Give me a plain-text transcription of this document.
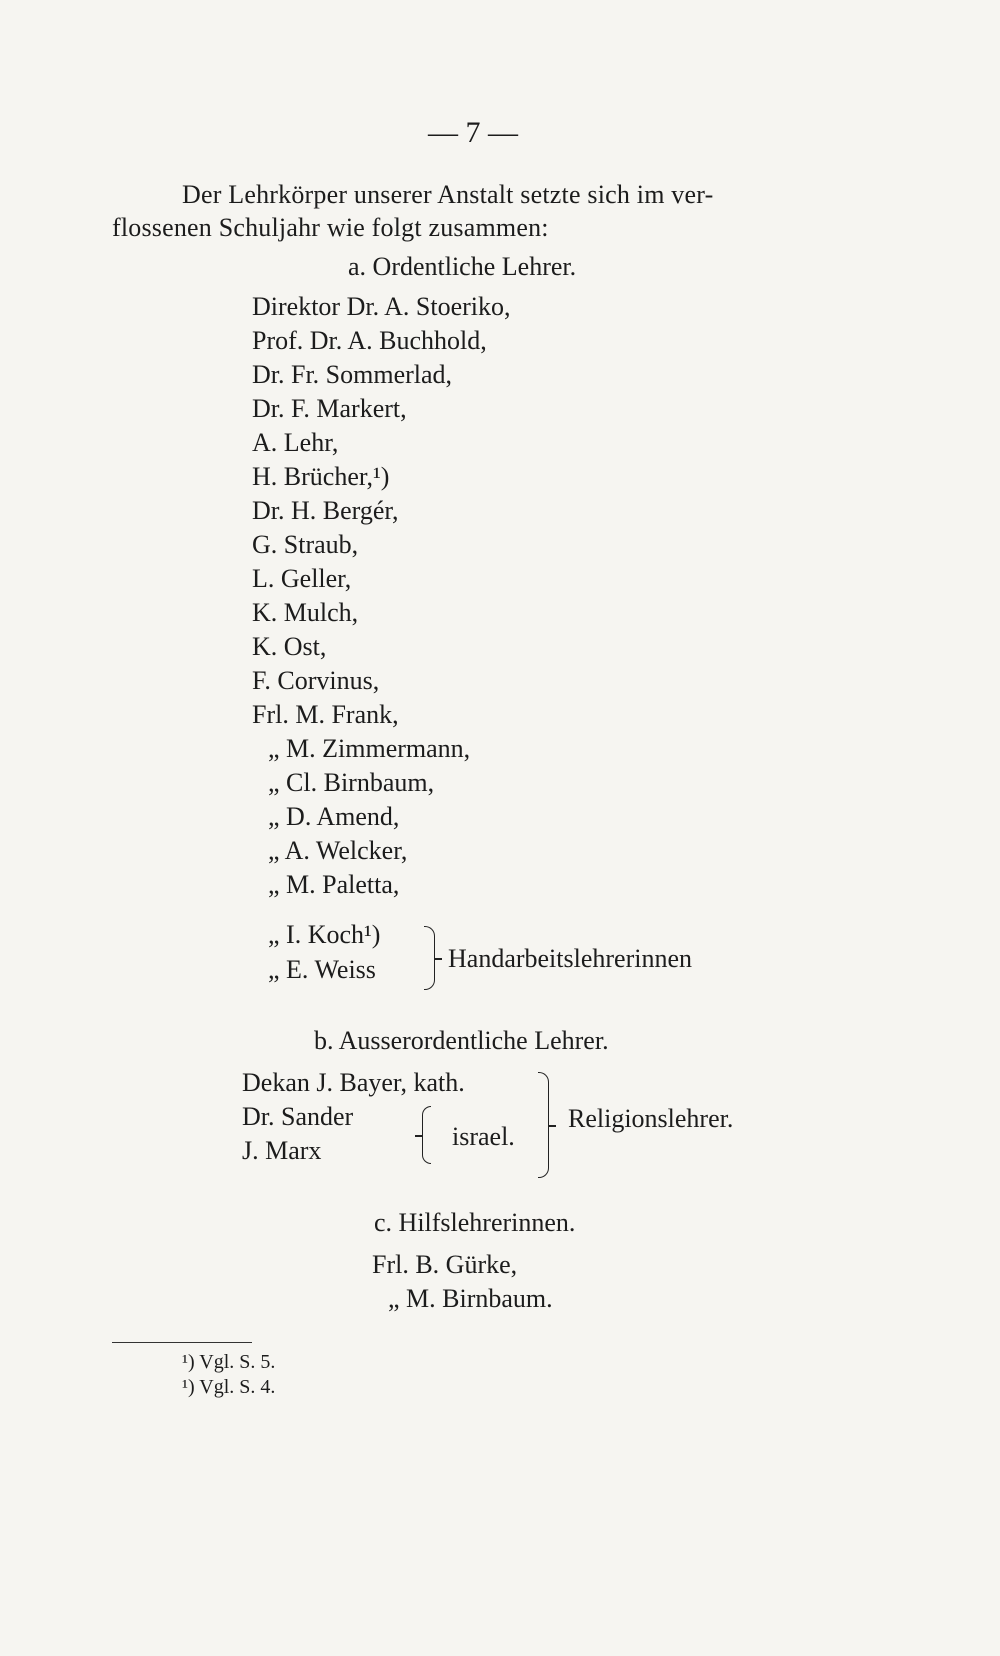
— 7 —
Der Lehrkörper unserer Anstalt setzte sich im ver-
flossenen Schuljahr wie folgt zusammen:
a. Ordentliche Lehrer.
Direktor Dr. A. Stoeriko,
Prof. Dr. A. Buchhold,
Dr. Fr. Sommerlad,
Dr. F. Markert,
A. Lehr,
H. Brücher,¹)
Dr. H. Bergér,
G. Straub,
L. Geller,
K. Mulch,
K. Ost,
F. Corvinus,
Frl. M. Frank,
„ M. Zimmermann,
„ Cl. Birnbaum,
„ D. Amend,
„ A. Welcker,
„ M. Paletta,
„ I. Koch¹)
„ E. Weiss	Handarbeitslehrerinnen
b. Ausserordentliche Lehrer.
Dekan J. Bayer, kath.
Dr. Sander
J. Marx	israel.
Religionslehrer.
c. Hilfslehrerinnen.
Frl. B. Gürke,
„ M. Birnbaum.
¹) Vgl. S. 5.
¹) Vgl. S. 4.
